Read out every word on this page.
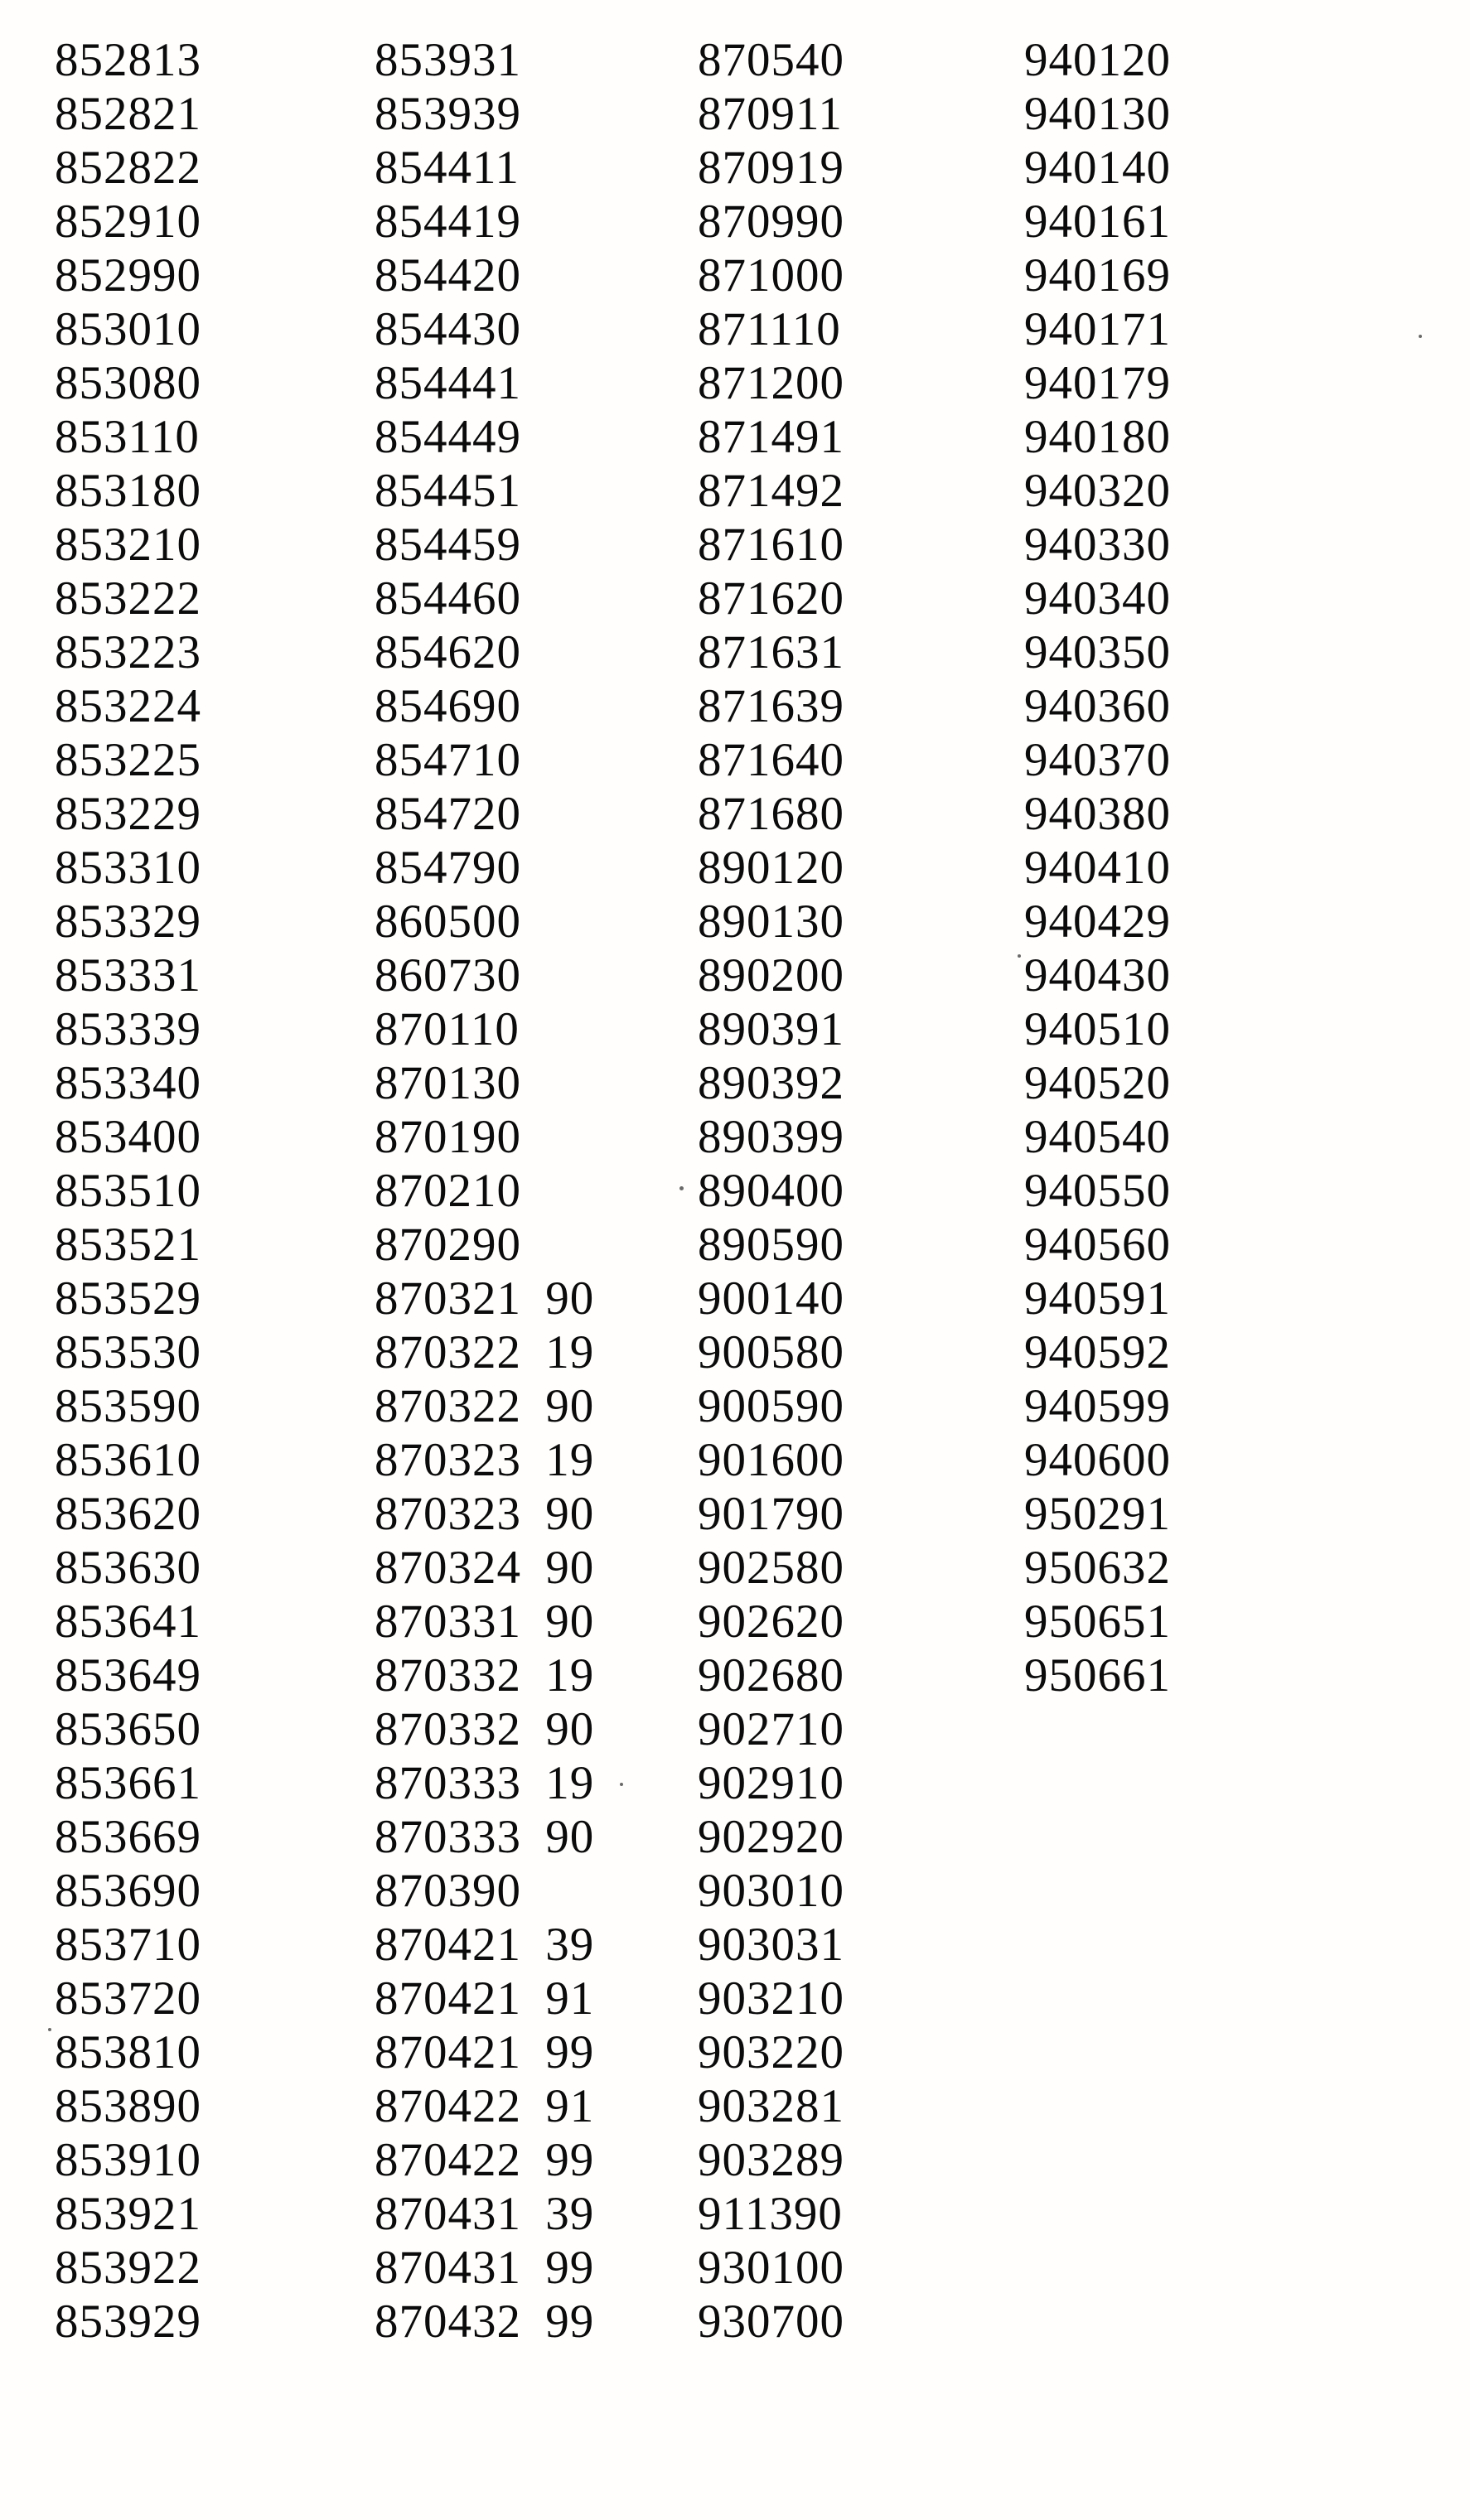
852813
852821
852822
852910
852990
853010
853080
853110
853180
853210
853222
853223
853224
853225
853229
853310
853329
853331
853339
853340
853400
853510
853521
853529
853530
853590
853610
853620
853630
853641
853649
853650
853661
853669
853690
853710
853720
853810
853890
853910
853921
853922
853929
853931
853939
854411
854419
854420
854430
854441
854449
854451
854459
854460
854620
854690
854710
854720
854790
860500
860730
870110
870130
870190
870210
870290
870321 90
870322 19
870322 90
870323 19
870323 90
870324 90
870331 90
870332 19
870332 90
870333 19
870333 90
870390
870421 39
870421 91
870421 99
870422 91
870422 99
870431 39
870431 99
870432 99
870540
870911
870919
870990
871000
871110
871200
871491
871492
871610
871620
871631
871639
871640
871680
890120
890130
890200
890391
890392
890399
890400
890590
900140
900580
900590
901600
901790
902580
902620
902680
902710
902910
902920
903010
903031
903210
903220
903281
903289
911390
930100
930700
940120
940130
940140
940161
940169
940171
940179
940180
940320
940330
940340
940350
940360
940370
940380
940410
940429
940430
940510
940520
940540
940550
940560
940591
940592
940599
940600
950291
950632
950651
950661
